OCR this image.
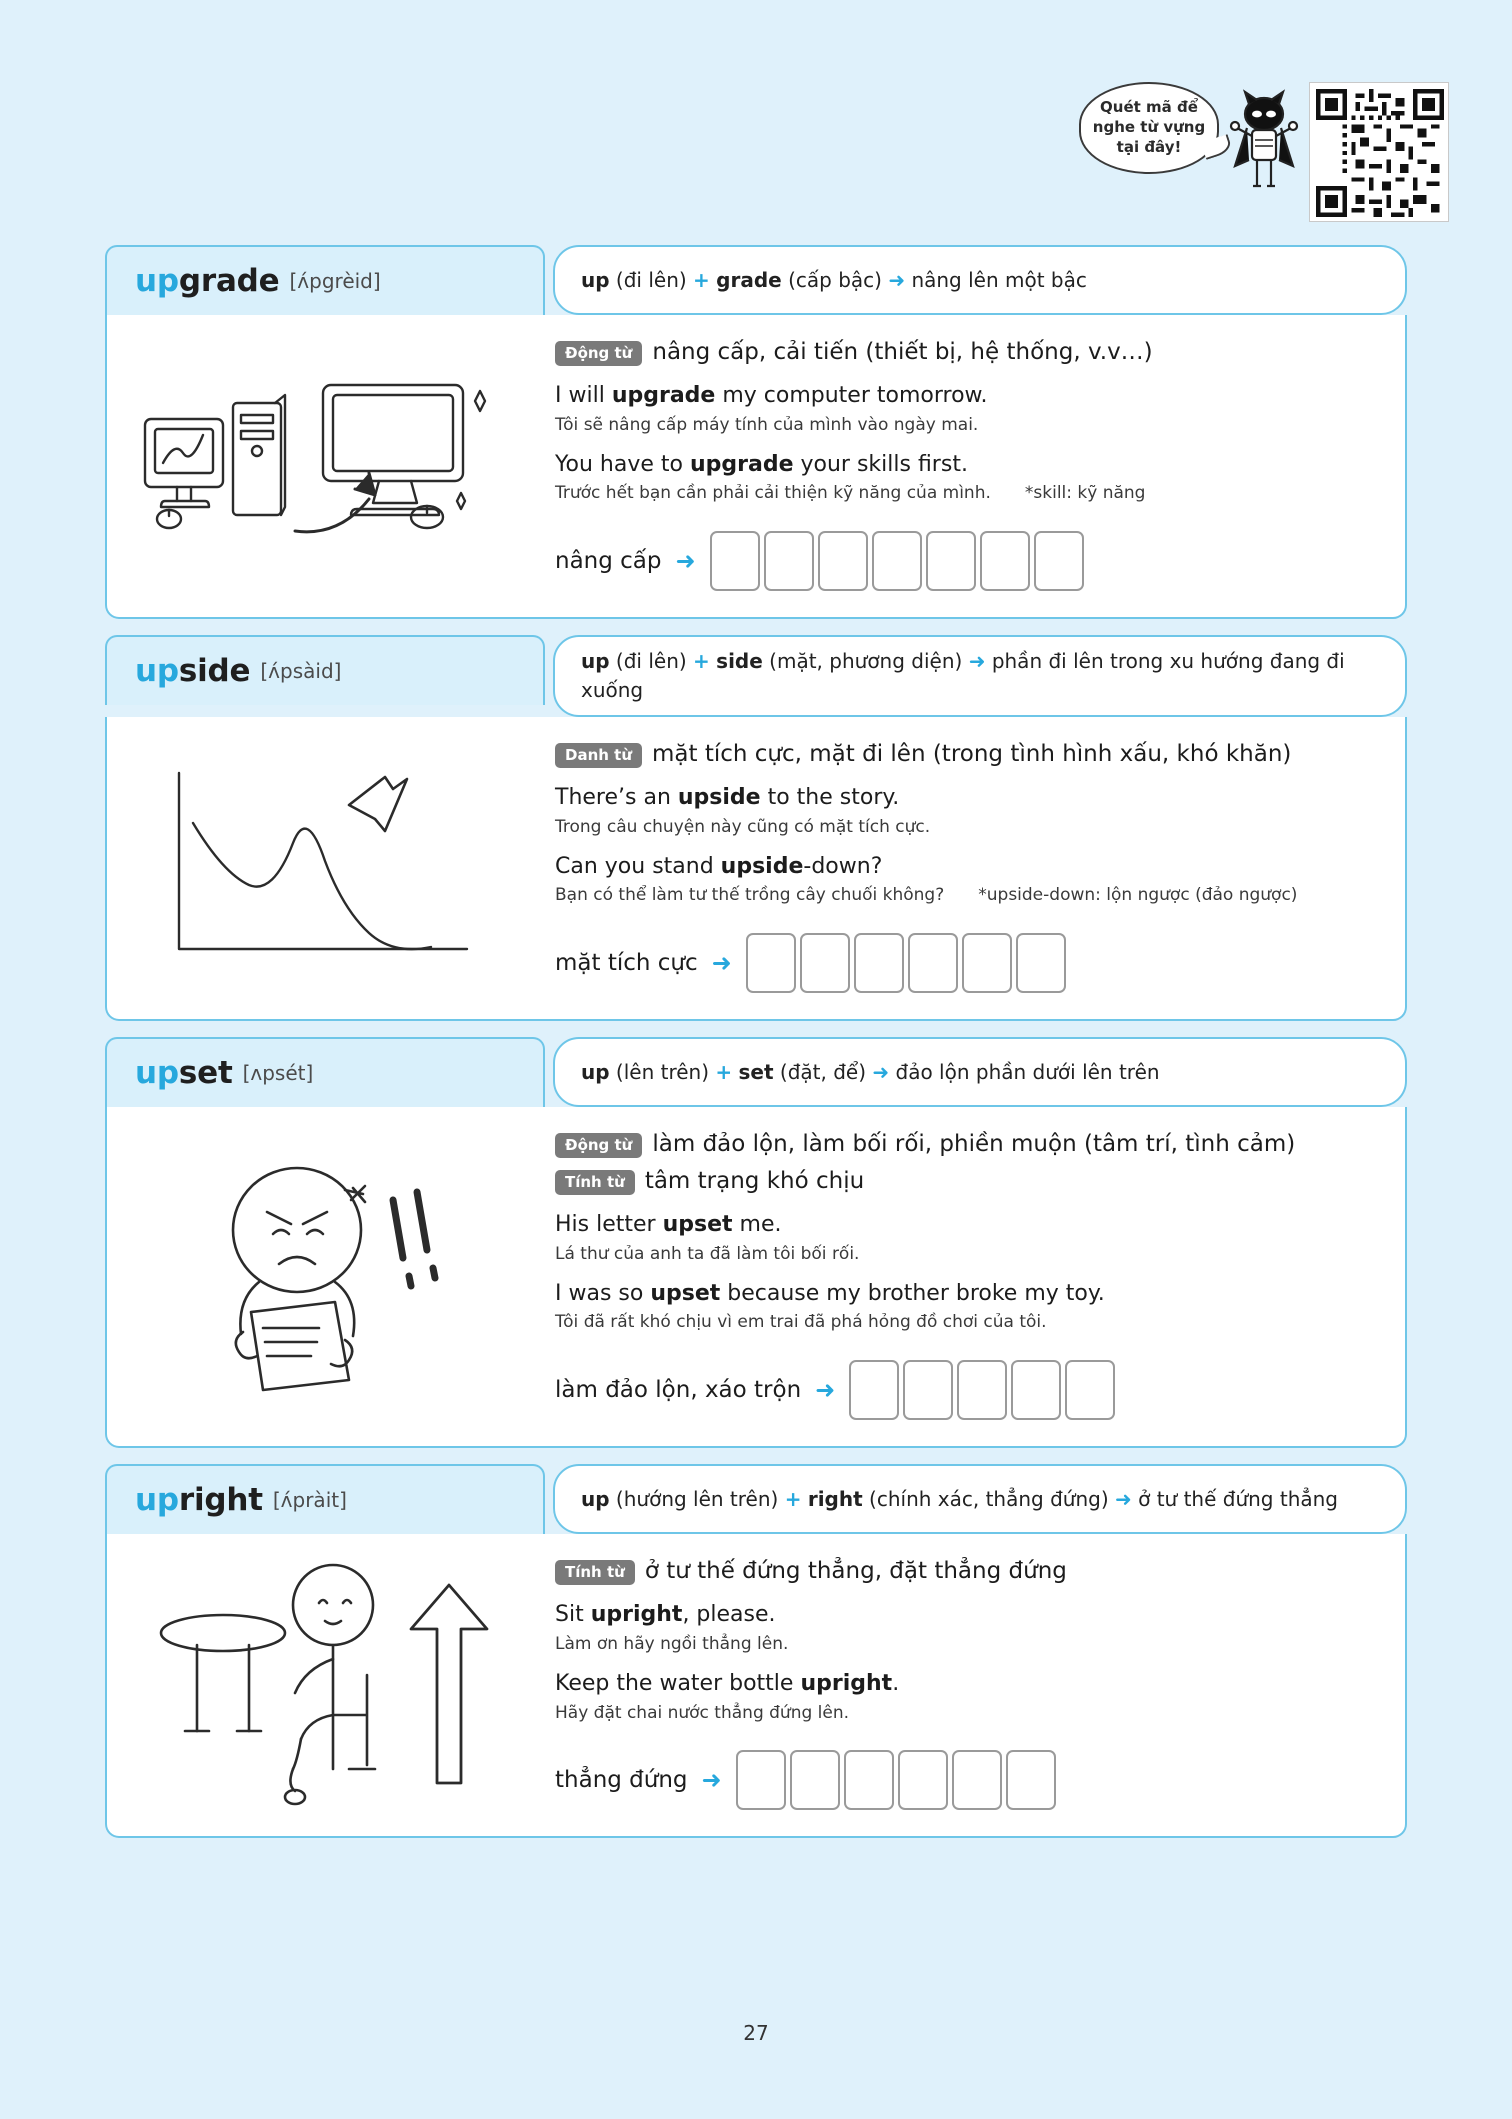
Quét mã để nghe từ vựng tại đây!
upgrade [ʌ́pgrèid]	up (đi lên) + grade (cấp bậc) ➜ nâng lên một bậc
Động từ nâng cấp, cải tiến (thiết bị, hệ thống, v.v…)
I will upgrade my computer tomorrow.
Tôi sẽ nâng cấp máy tính của mình vào ngày mai.
You have to upgrade your skills first.
Trước hết bạn cần phải cải thiện kỹ năng của mình. *skill: kỹ năng
nâng cấp ➜
upside [ʌ́psàid]	up (đi lên) + side (mặt, phương diện) ➜ phần đi lên trong xu hướng đang đi xuống
Danh từ mặt tích cực, mặt đi lên (trong tình hình xấu, khó khăn)
There’s an upside to the story.
Trong câu chuyện này cũng có mặt tích cực.
Can you stand upside-down?
Bạn có thể làm tư thế trồng cây chuối không? *upside-down: lộn ngược (đảo ngược)
mặt tích cực ➜
upset [ʌpsét]	up (lên trên) + set (đặt, để) ➜ đảo lộn phần dưới lên trên
Động từ làm đảo lộn, làm bối rối, phiền muộn (tâm trí, tình cảm)
Tính từ tâm trạng khó chịu
His letter upset me.
Lá thư của anh ta đã làm tôi bối rối.
I was so upset because my brother broke my toy.
Tôi đã rất khó chịu vì em trai đã phá hỏng đồ chơi của tôi.
làm đảo lộn, xáo trộn ➜
upright [ʌ́pràit]	up (hướng lên trên) + right (chính xác, thẳng đứng) ➜ ở tư thế đứng thẳng
Tính từ ở tư thế đứng thẳng, đặt thẳng đứng
Sit upright, please.
Làm ơn hãy ngồi thẳng lên.
Keep the water bottle upright.
Hãy đặt chai nước thẳng đứng lên.
thẳng đứng ➜
27
